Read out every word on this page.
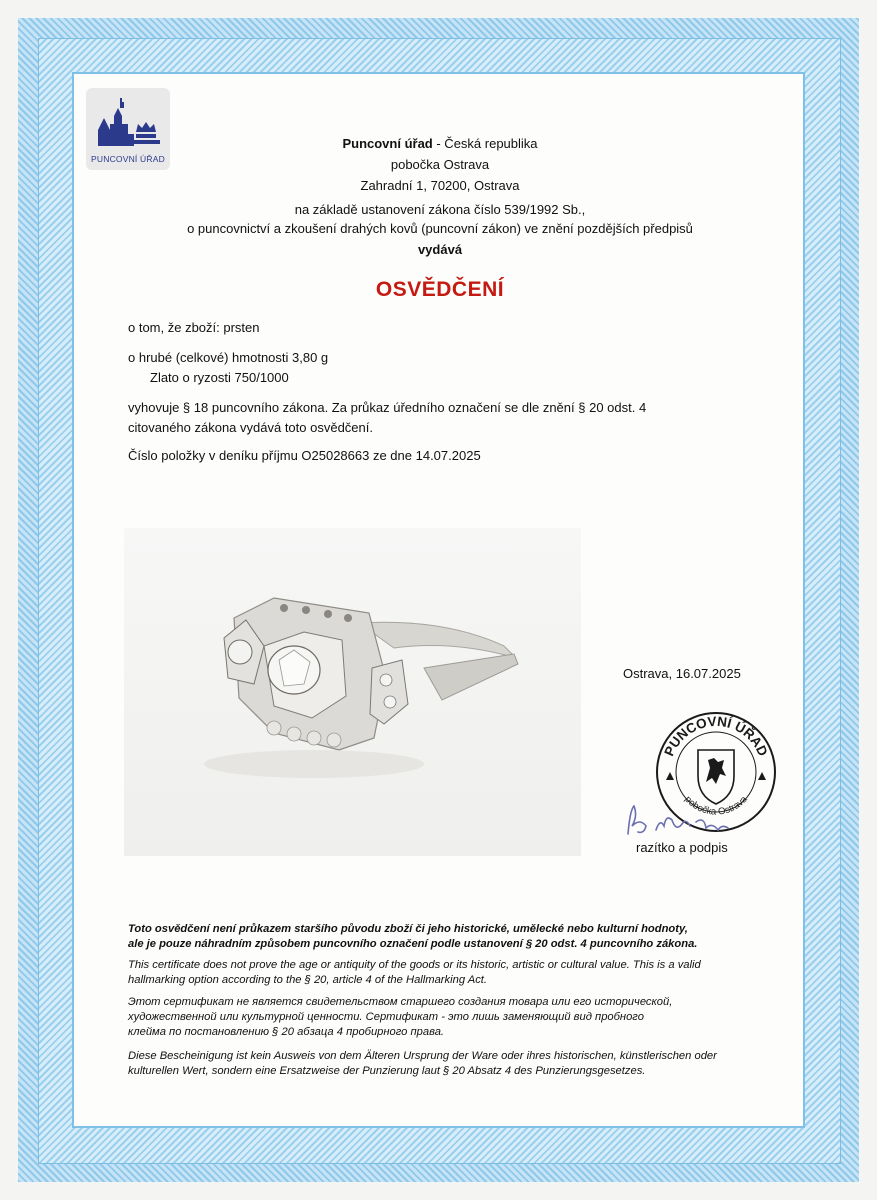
PUNCOVNÍ ÚŘAD
Puncovní úřad - Česká republika
pobočka Ostrava
Zahradní 1, 70200, Ostrava
na základě ustanovení zákona číslo 539/1992 Sb.,
o puncovnictví a zkoušení drahých kovů (puncovní zákon) ve znění pozdějších předpisů
vydává
OSVĚDČENÍ
o tom, že zboží: prsten
o hrubé (celkové) hmotnosti 3,80 g
Zlato o ryzosti 750/1000
vyhovuje § 18 puncovního zákona. Za průkaz úředního označení se dle znění § 20 odst. 4
citovaného zákona vydává toto osvědčení.
Číslo položky v deníku příjmu O25028663 ze dne 14.07.2025
Ostrava, 16.07.2025
PUNCOVNÍ ÚŘAD
pobočka Ostrava
razítko a podpis
Toto osvědčení není průkazem staršího původu zboží či jeho historické, umělecké nebo kulturní hodnoty,
ale je pouze náhradním způsobem puncovního označení podle ustanovení § 20 odst. 4 puncovního zákona.
This certificate does not prove the age or antiquity of the goods or its historic, artistic or cultural value. This is a valid
hallmarking option according to the § 20, article 4 of the Hallmarking Act.
Этот сертификат не является свидетельством старшего создания товара или его исторической,
художественной или культурной ценности. Сертификат - это лишь заменяющий вид пробного
клейма по постановлению § 20 абзаца 4 пробирного права.
Diese Bescheinigung ist kein Ausweis von dem Älteren Ursprung der Ware oder ihres historischen, künstlerischen oder
kulturellen Wert, sondern eine Ersatzweise der Punzierung laut § 20 Absatz 4 des Punzierungsgesetzes.
